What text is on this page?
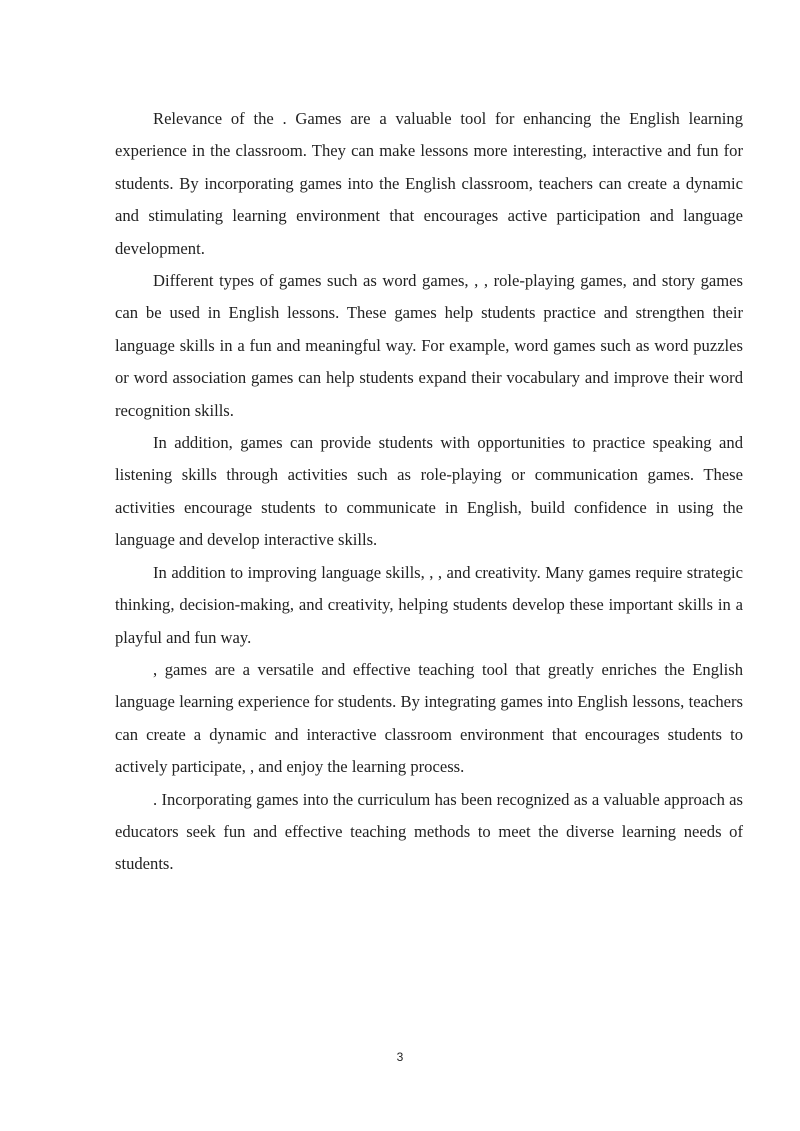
Relevance of the . Games are a valuable tool for enhancing the English learning experience in the classroom. They can make lessons more interesting, interactive and fun for students. By incorporating games into the English classroom, teachers can create a dynamic and stimulating learning environment that encourages active participation and language development.

Different types of games such as word games, , , role-playing games, and story games can be used in English lessons. These games help students practice and strengthen their language skills in a fun and meaningful way. For example, word games such as word puzzles or word association games can help students expand their vocabulary and improve their word recognition skills.

In addition, games can provide students with opportunities to practice speaking and listening skills through activities such as role-playing or communication games. These activities encourage students to communicate in English, build confidence in using the language and develop interactive skills.

In addition to improving language skills, , , and creativity. Many games require strategic thinking, decision-making, and creativity, helping students develop these important skills in a playful and fun way.

, games are a versatile and effective teaching tool that greatly enriches the English language learning experience for students. By integrating games into English lessons, teachers can create a dynamic and interactive classroom environment that encourages students to actively participate, , and enjoy the learning process.

. Incorporating games into the curriculum has been recognized as a valuable approach as educators seek fun and effective teaching methods to meet the diverse learning needs of students.

3
